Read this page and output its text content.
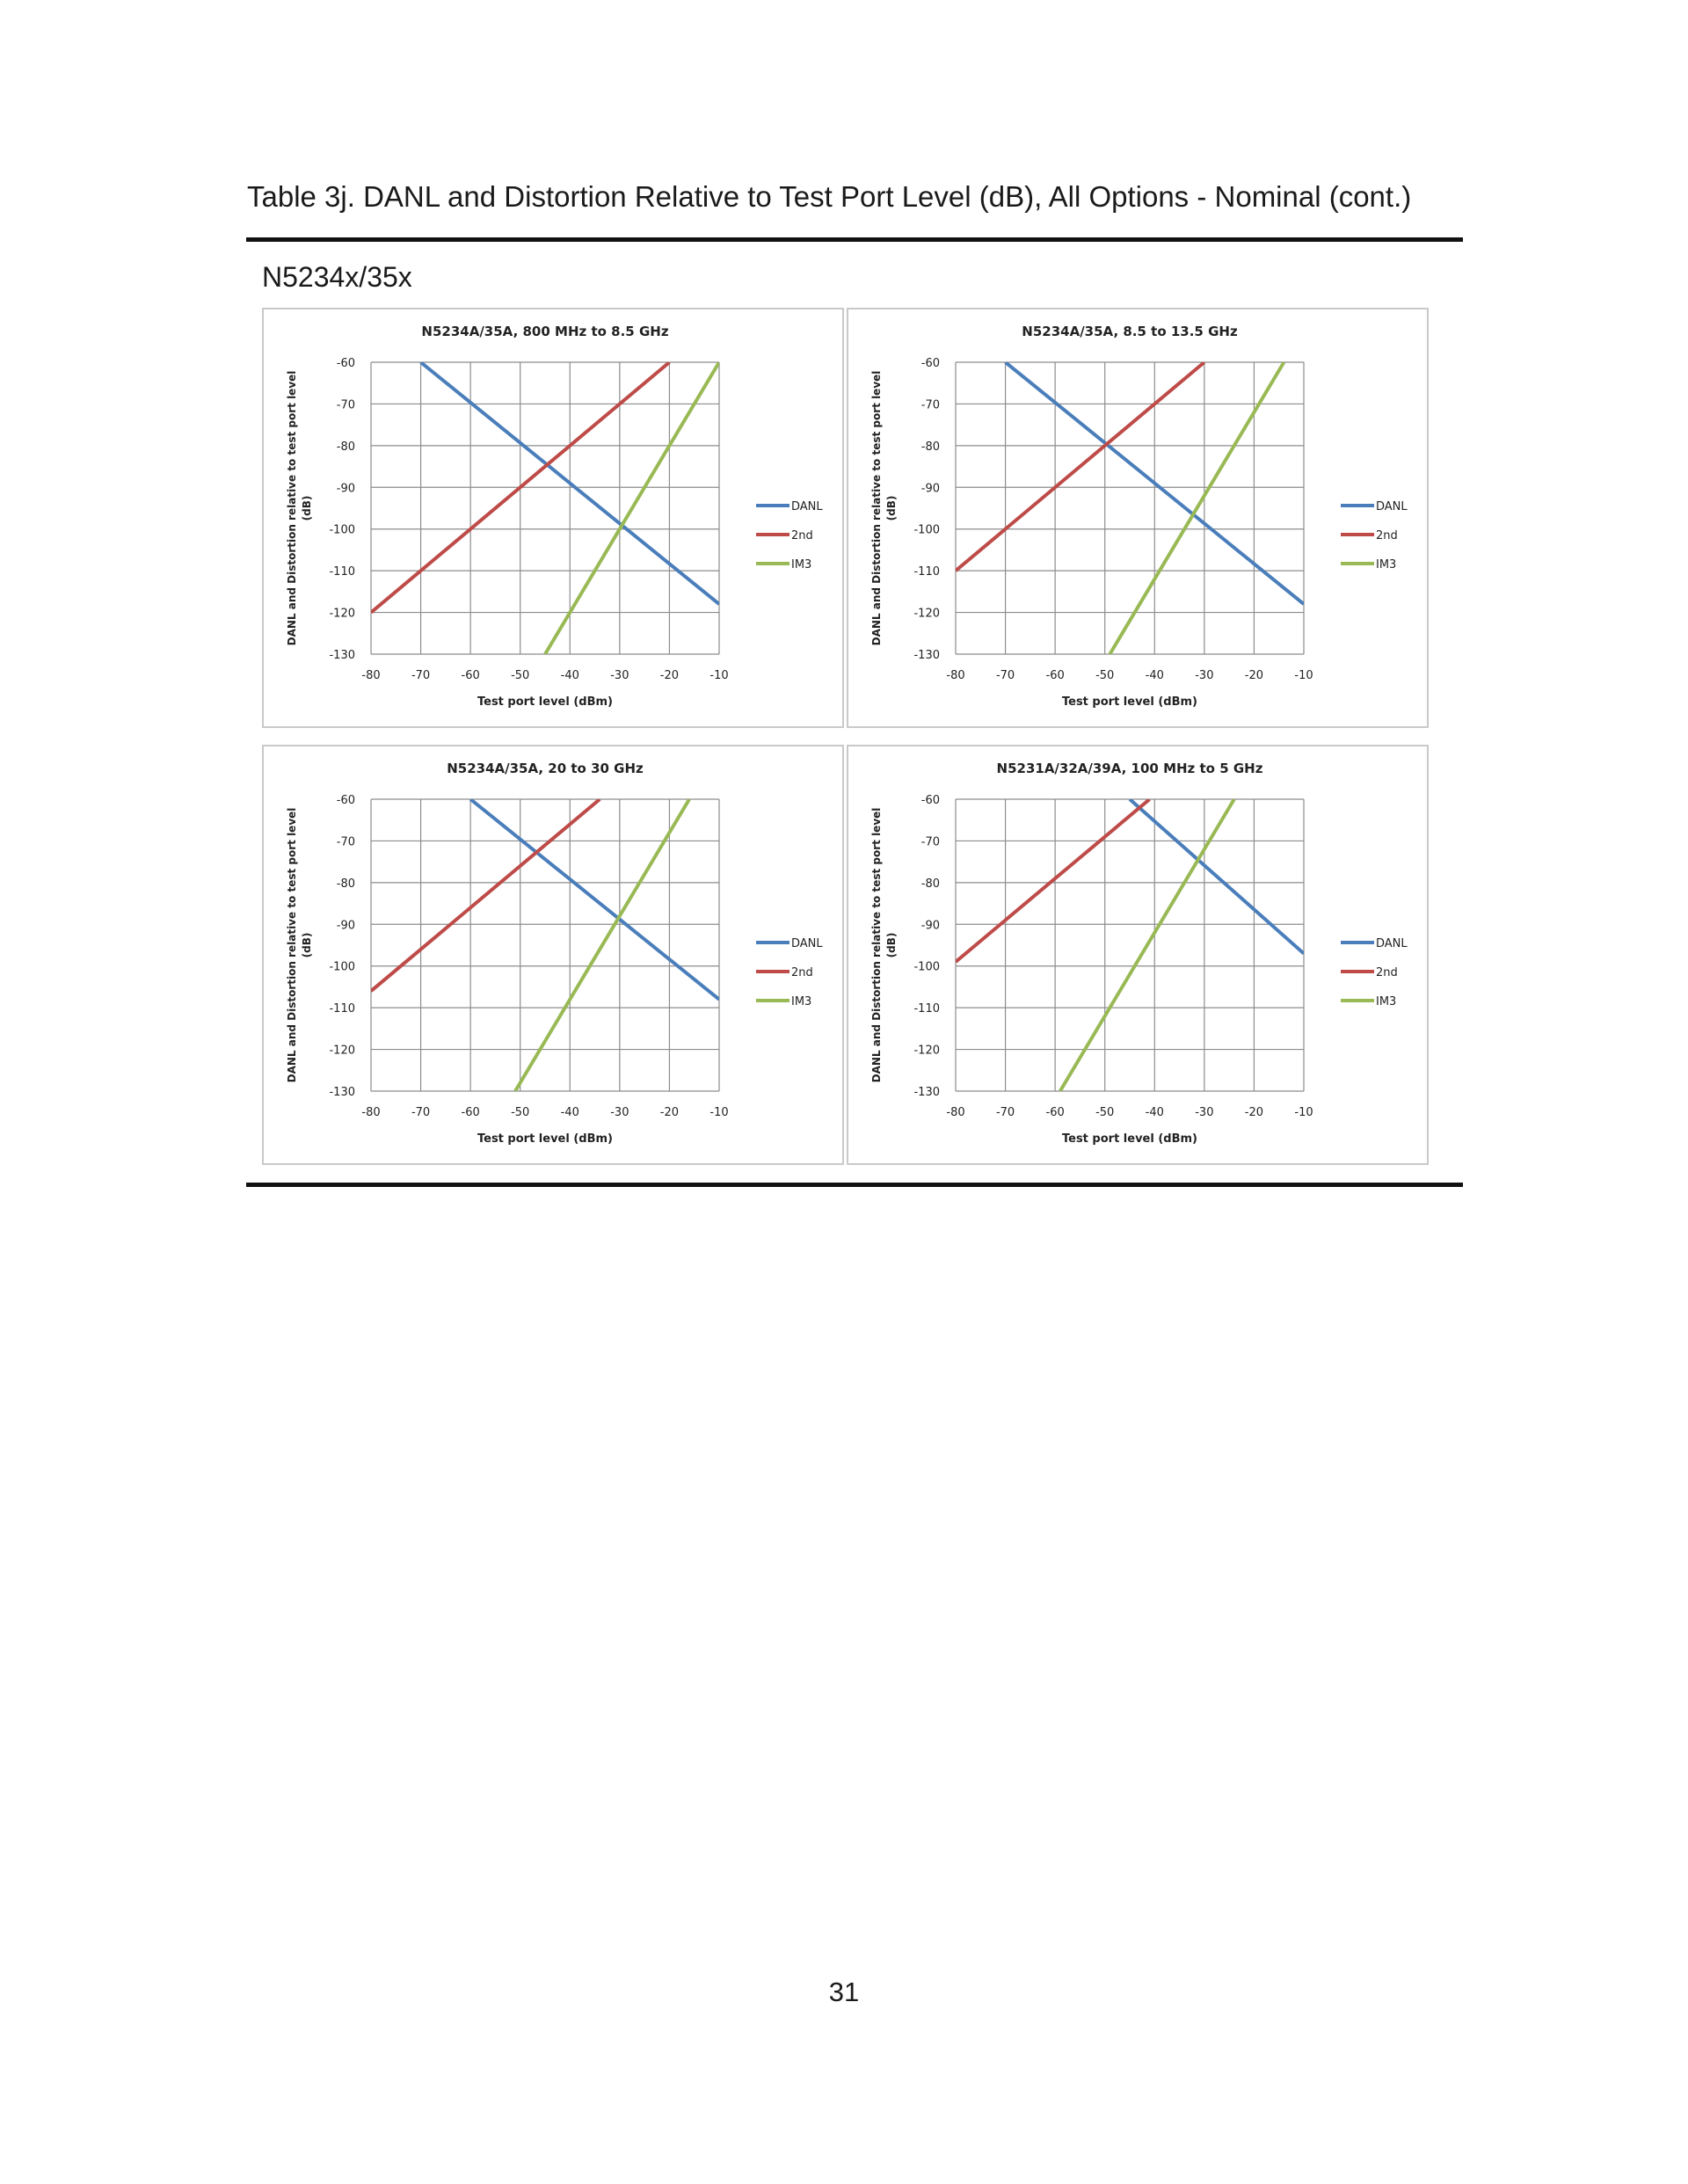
Table 3j. DANL and Distortion Relative to Test Port Level (dB), All Options - Nominal (cont.)
N5234x/35x
N5234A/35A, 800 MHz to 8.5 GHz
-80	-70	-60	-50	-40	-30	-20	-10
-60
-70
-80
-90
-100
-110
-120
-130
Test port level (dBm)
DANL and Distortion relative to test port level (dB)	DANL
2nd
IM3
N5234A/35A, 8.5 to 13.5 GHz
-80	-70	-60	-50	-40	-30	-20	-10
-60
-70
-80
-90
-100
-110
-120
-130
Test port level (dBm)
DANL and Distortion relative to test port level (dB)	DANL
2nd
IM3
N5234A/35A, 20 to 30 GHz
-80	-70	-60	-50	-40	-30	-20	-10
-60
-70
-80
-90
-100
-110
-120
-130
Test port level (dBm)
DANL and Distortion relative to test port level (dB)	DANL
2nd
IM3
N5231A/32A/39A, 100 MHz to 5 GHz
-80	-70	-60	-50	-40	-30	-20	-10
-60
-70
-80
-90
-100
-110
-120
-130
Test port level (dBm)
DANL and Distortion relative to test port level (dB)	DANL
2nd
IM3
31
